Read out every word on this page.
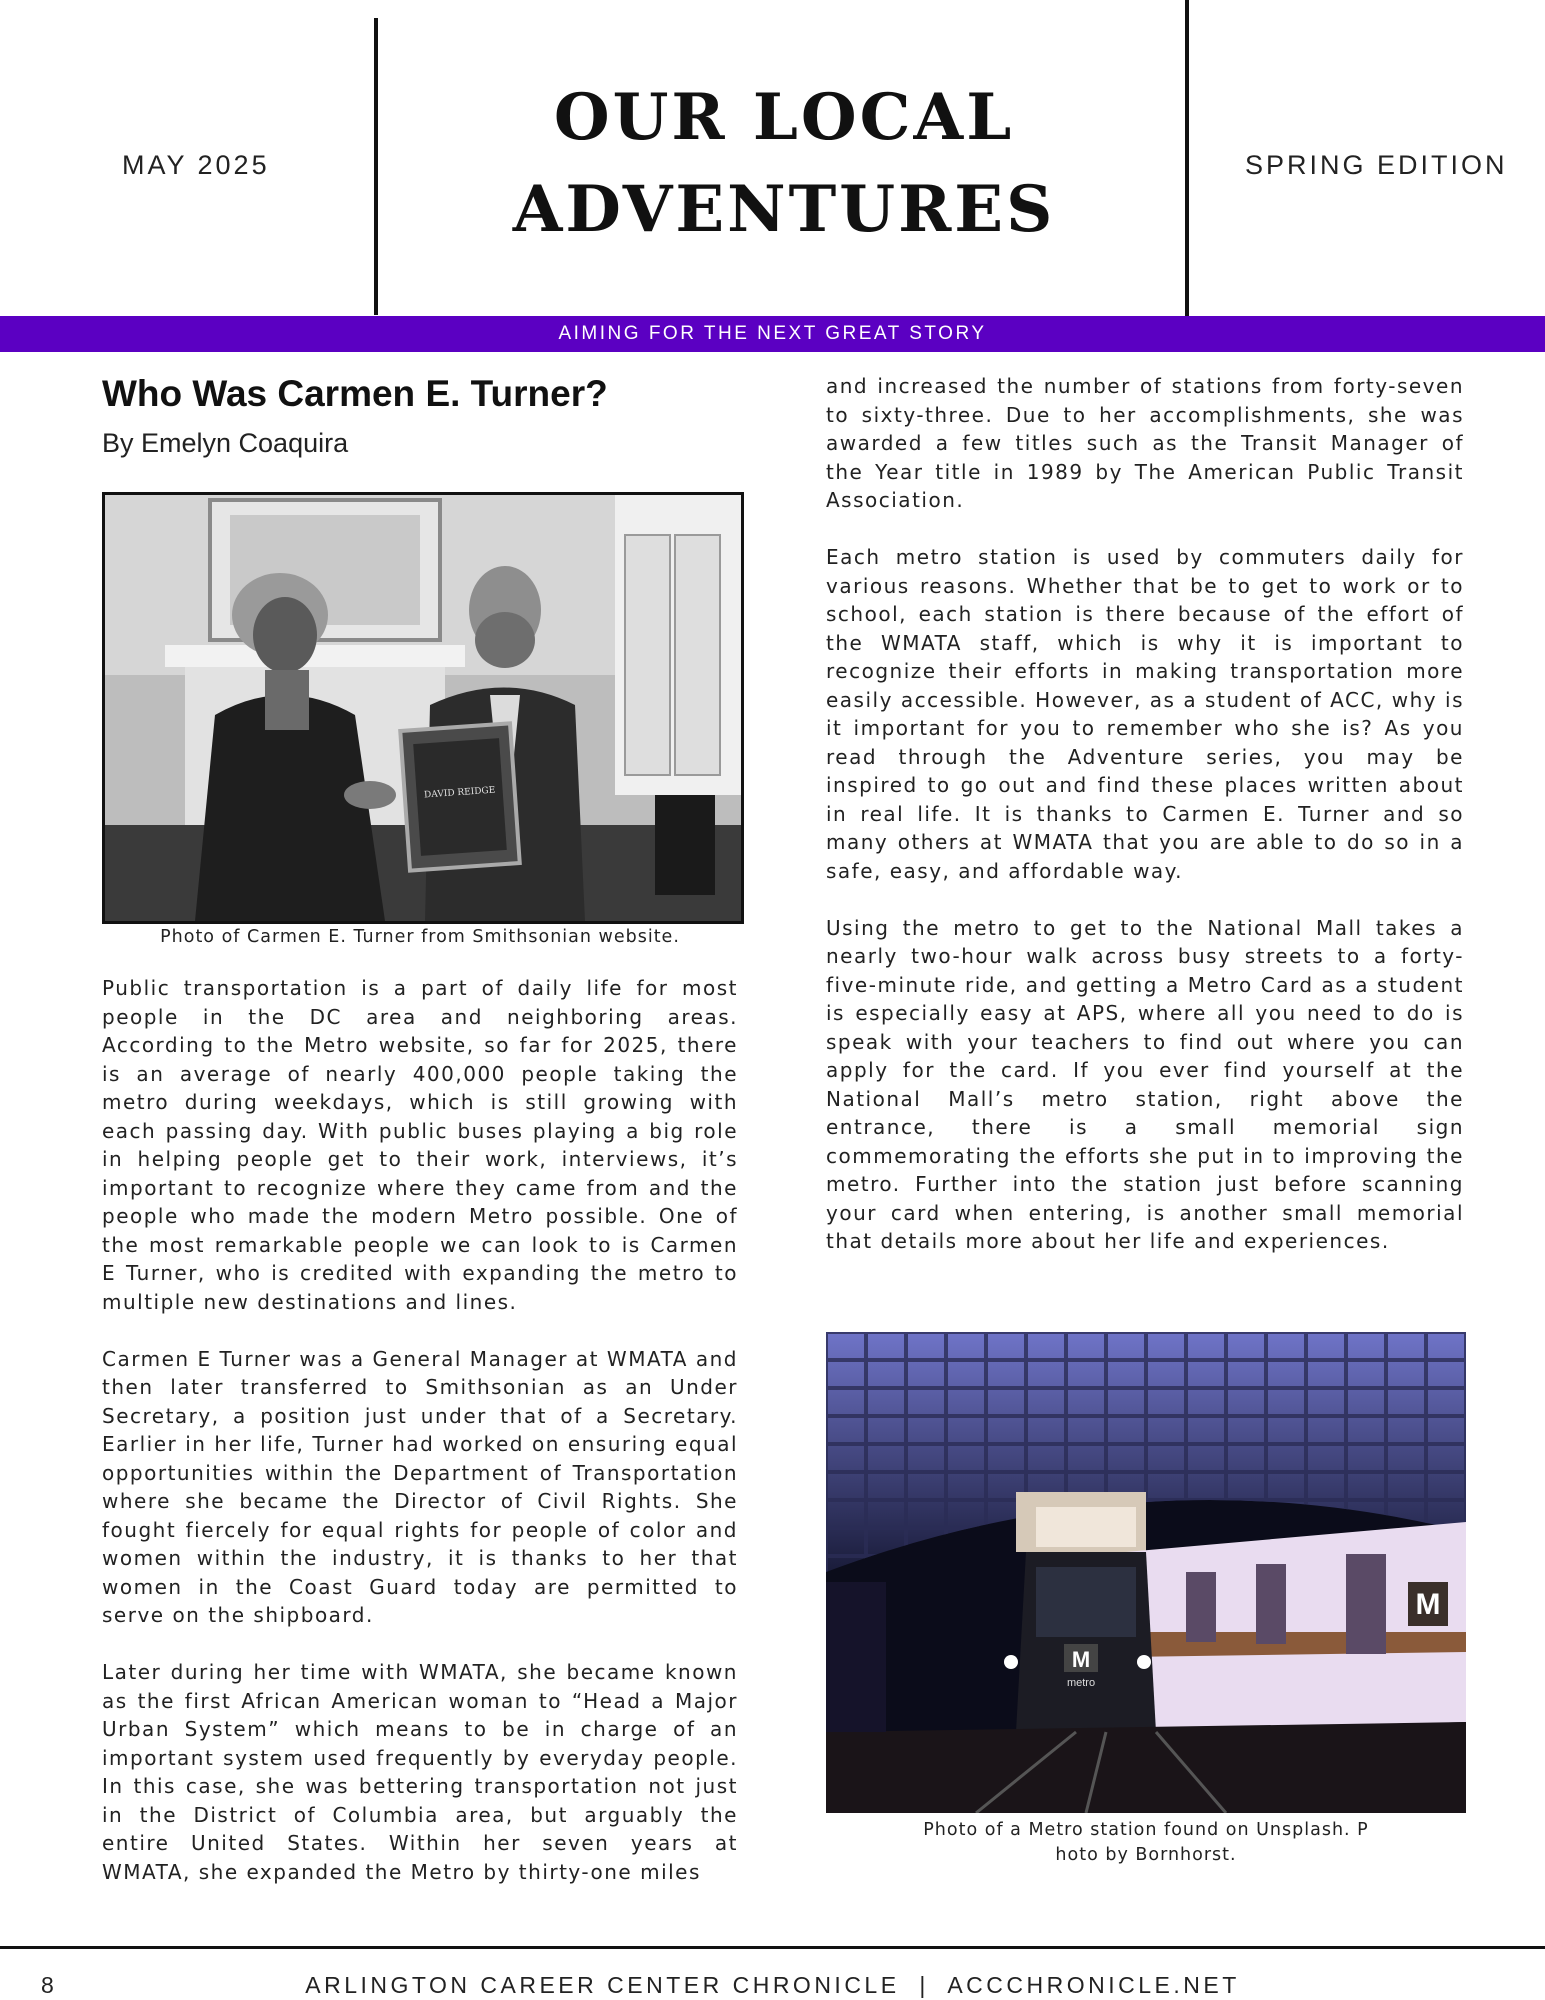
MAY 2025
OUR LOCAL
ADVENTURES
SPRING EDITION
AIMING FOR THE NEXT GREAT STORY
Who Was Carmen E. Turner?
By Emelyn Coaquira
DAVID REIDGE
Photo of Carmen E. Turner from Smithsonian website.

Public transportation is a part of daily life for most people in the DC area and neighboring areas. According to the Metro website, so far for 2025, there is an average of nearly 400,000 people taking the metro during weekdays, which is still growing with each passing day. With public buses playing a big role in helping people get to their work, interviews, it’s important to recognize where they came from and the people who made the modern Metro possible. One of the most remarkable people we can look to is Carmen E Turner, who is credited with expanding the metro to multiple new destinations and lines.

Carmen E Turner was a General Manager at WMATA and then later transferred to Smithsonian as an Under Secretary, a position just under that of a Secretary. Earlier in her life, Turner had worked on ensuring equal opportunities within the Department of Transportation where she became the Director of Civil Rights. She fought fiercely for equal rights for people of color and women within the industry, it is thanks to her that women in the Coast Guard today are permitted to serve on the shipboard.

Later during her time with WMATA, she became known as the first African American woman to “Head a Major Urban System” which means to be in charge of an important system used frequently by everyday people. In this case, she was bettering transportation not just in the District of Columbia area, but arguably the entire United States. Within her seven years at WMATA, she expanded the Metro by thirty-one miles

and increased the number of stations from forty-seven to sixty-three. Due to her accomplishments, she was awarded a few titles such as the Transit Manager of the Year title in 1989 by The American Public Transit Association.

Each metro station is used by commuters daily for various reasons. Whether that be to get to work or to school, each station is there because of the effort of the WMATA staff, which is why it is important to recognize their efforts in making transportation more easily accessible. However, as a student of ACC, why is it important for you to remember who she is? As you read through the Adventure series, you may be inspired to go out and find these places written about in real life. It is thanks to Carmen E. Turner and so many others at WMATA that you are able to do so in a safe, easy, and affordable way.

Using the metro to get to the National Mall takes a nearly two-hour walk across busy streets to a forty-five-minute ride, and getting a Metro Card as a student is especially easy at APS, where all you need to do is speak with your teachers to find out where you can apply for the card. If you ever find yourself at the National Mall’s metro station, right above the entrance, there is a small memorial sign commemorating the efforts she put in to improving the metro. Further into the station just before scanning your card when entering, is another small memorial that details more about her life and experiences.

M
M
metro
Photo of a Metro station found on Unsplash. P
hoto by Bornhorst.
8	ARLINGTON CAREER CENTER CHRONICLE  |  ACCCHRONICLE.NET
